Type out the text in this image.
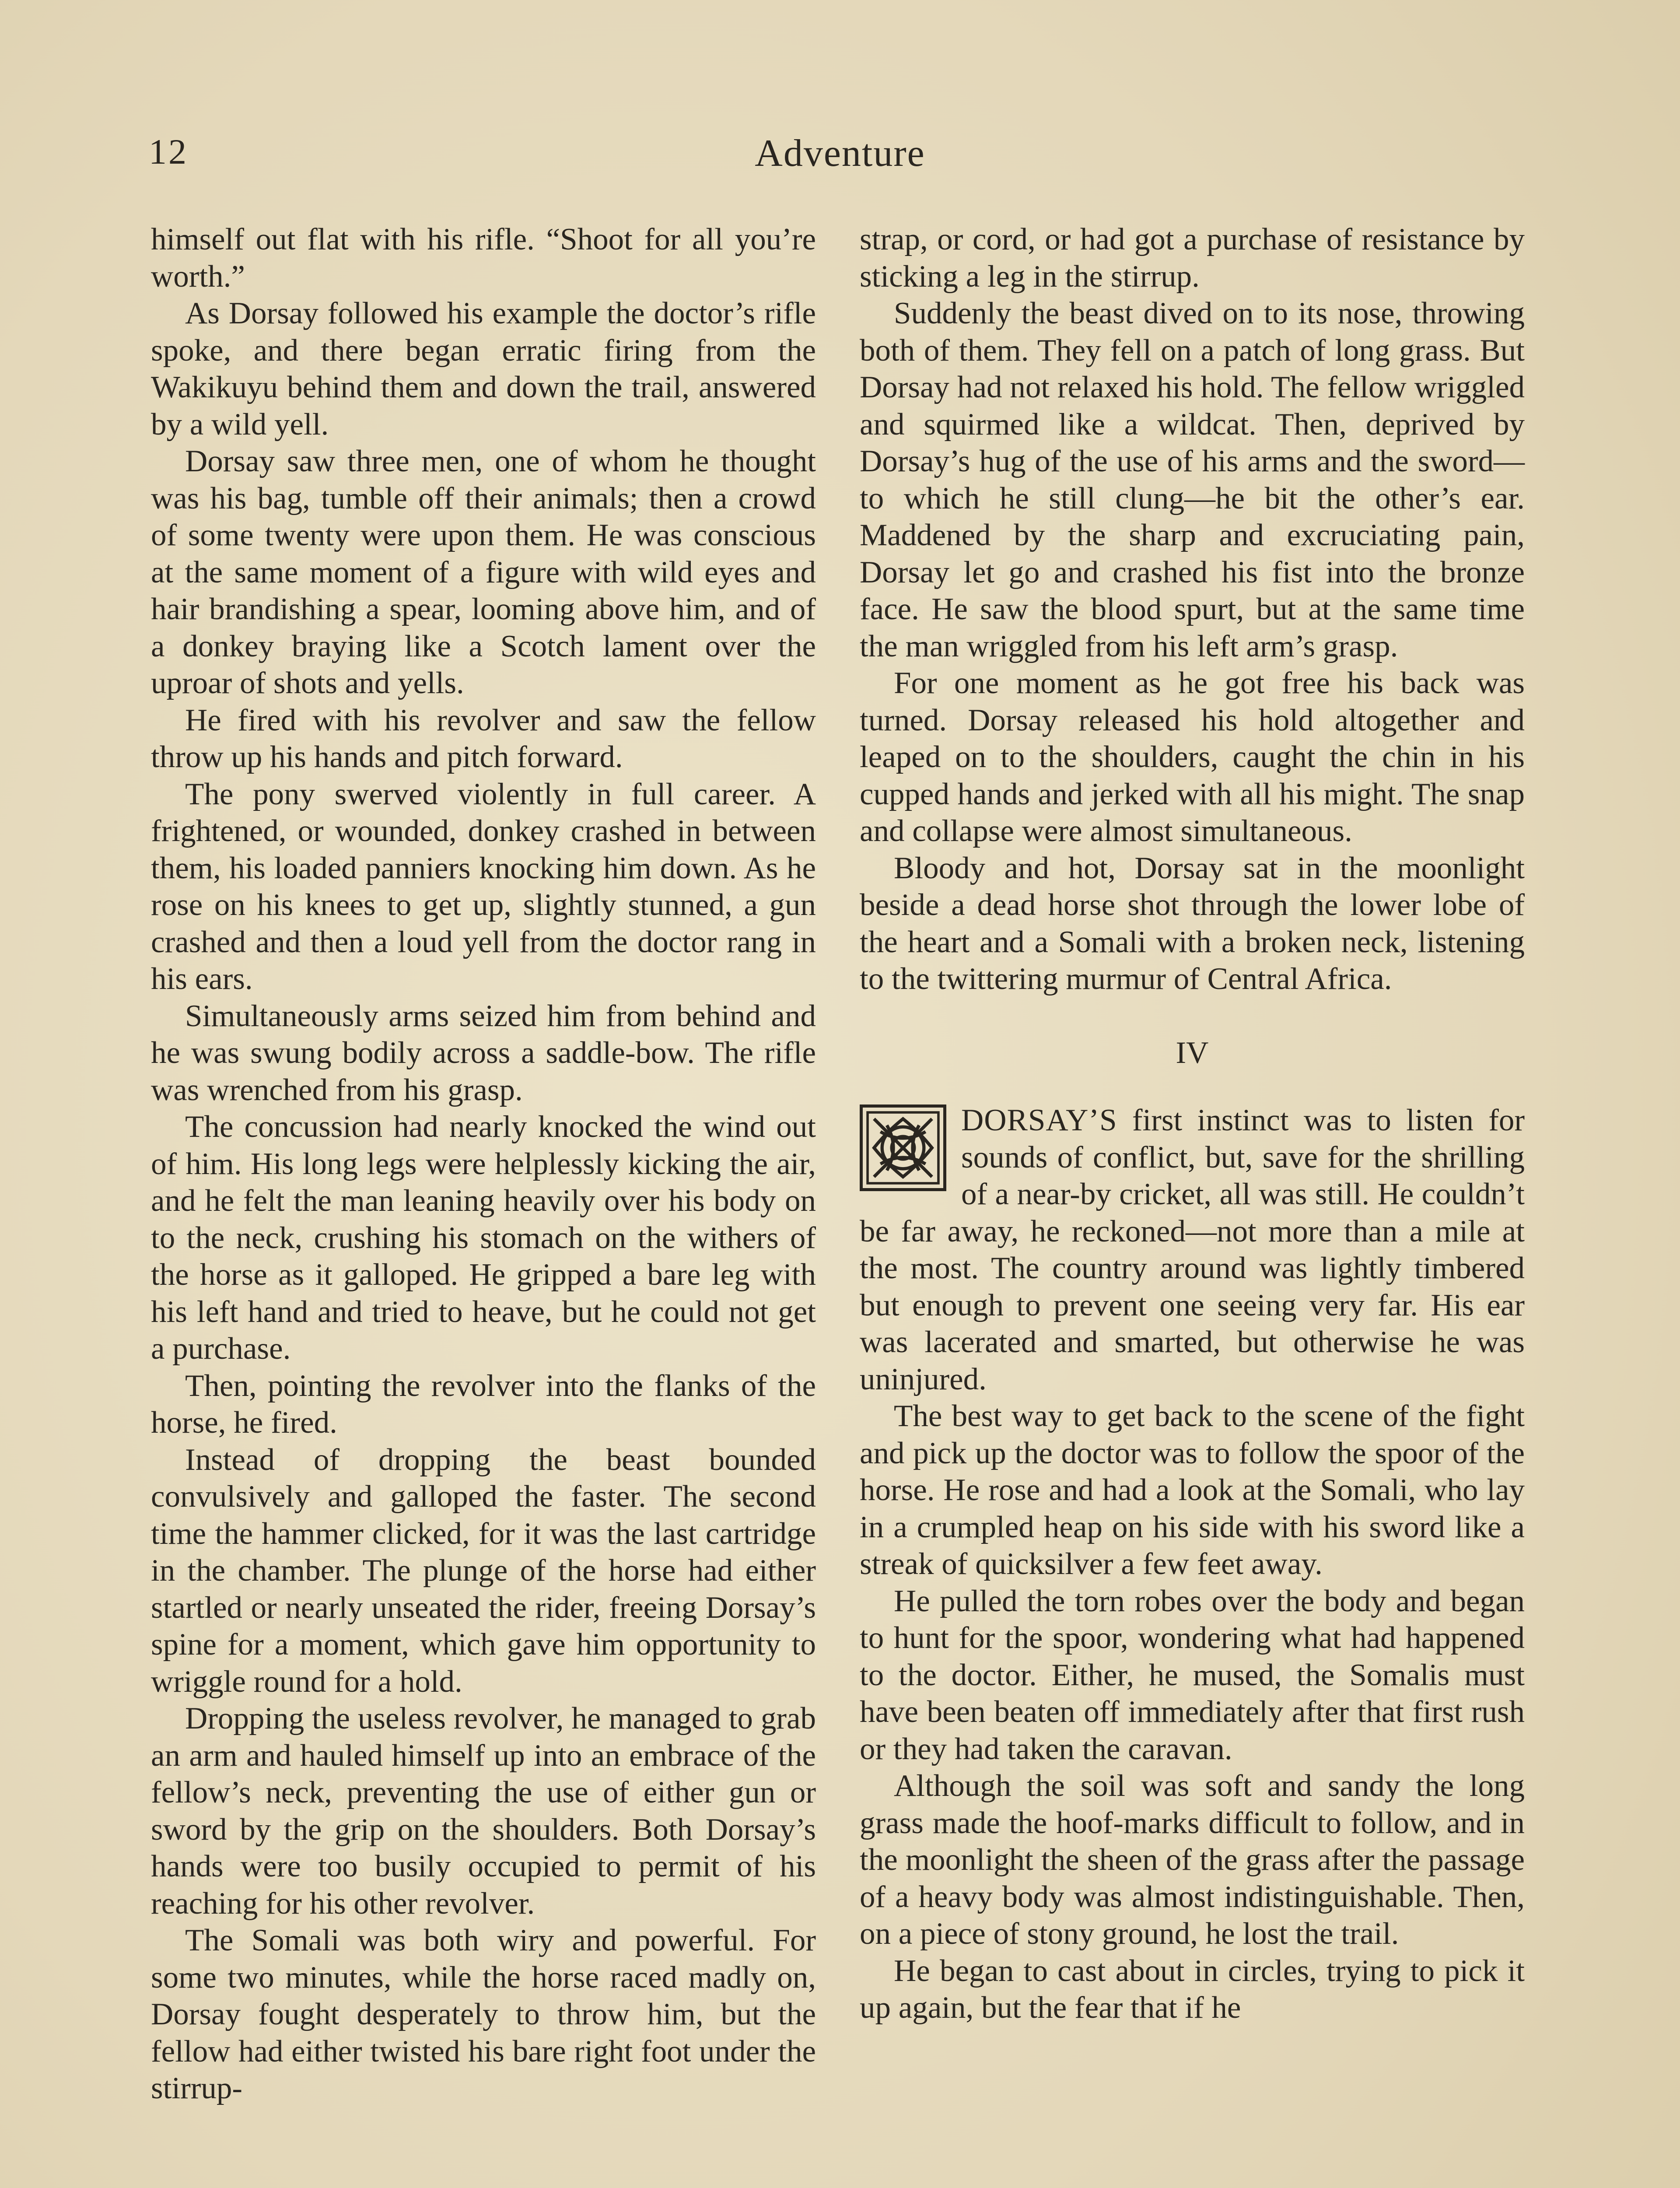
12	Adventure

himself out flat with his rifle. “Shoot for all you’re worth.”

As Dorsay followed his example the doctor’s rifle spoke, and there began erratic firing from the Wakikuyu behind them and down the trail, answered by a wild yell.

Dorsay saw three men, one of whom he thought was his bag, tumble off their animals; then a crowd of some twenty were upon them. He was conscious at the same moment of a figure with wild eyes and hair brandishing a spear, looming above him, and of a donkey braying like a Scotch lament over the uproar of shots and yells.

He fired with his revolver and saw the fellow throw up his hands and pitch forward.

The pony swerved violently in full career. A frightened, or wounded, donkey crashed in between them, his loaded panniers knocking him down. As he rose on his knees to get up, slightly stunned, a gun crashed and then a loud yell from the doctor rang in his ears.

Simultaneously arms seized him from behind and he was swung bodily across a saddle-bow. The rifle was wrenched from his grasp.

The concussion had nearly knocked the wind out of him. His long legs were helplessly kicking the air, and he felt the man leaning heavily over his body on to the neck, crushing his stomach on the withers of the horse as it galloped. He gripped a bare leg with his left hand and tried to heave, but he could not get a purchase.

Then, pointing the revolver into the flanks of the horse, he fired.

Instead of dropping the beast bounded convulsively and galloped the faster. The second time the hammer clicked, for it was the last cartridge in the chamber. The plunge of the horse had either startled or nearly unseated the rider, freeing Dorsay’s spine for a moment, which gave him opportunity to wriggle round for a hold.

Dropping the useless revolver, he managed to grab an arm and hauled himself up into an embrace of the fellow’s neck, preventing the use of either gun or sword by the grip on the shoulders. Both Dorsay’s hands were too busily occupied to permit of his reaching for his other revolver.

The Somali was both wiry and powerful. For some two minutes, while the horse raced madly on, Dorsay fought desperately to throw him, but the fellow had either twisted his bare right foot under the stirrup-

strap, or cord, or had got a purchase of resistance by sticking a leg in the stirrup.

Suddenly the beast dived on to its nose, throwing both of them. They fell on a patch of long grass. But Dorsay had not relaxed his hold. The fellow wriggled and squirmed like a wildcat. Then, deprived by Dorsay’s hug of the use of his arms and the sword—to which he still clung—he bit the other’s ear. Maddened by the sharp and excruciating pain, Dorsay let go and crashed his fist into the bronze face. He saw the blood spurt, but at the same time the man wriggled from his left arm’s grasp.

For one moment as he got free his back was turned. Dorsay released his hold altogether and leaped on to the shoulders, caught the chin in his cupped hands and jerked with all his might. The snap and collapse were almost simultaneous.

Bloody and hot, Dorsay sat in the moonlight beside a dead horse shot through the lower lobe of the heart and a Somali with a broken neck, listening to the twittering murmur of Central Africa.

IV

DORSAY’S first instinct was to listen for sounds of conflict, but, save for the shrilling of a near-by cricket, all was still. He couldn’t be far away, he reckoned—not more than a mile at the most. The country around was lightly timbered but enough to prevent one seeing very far. His ear was lacerated and smarted, but otherwise he was uninjured.

The best way to get back to the scene of the fight and pick up the doctor was to follow the spoor of the horse. He rose and had a look at the Somali, who lay in a crumpled heap on his side with his sword like a streak of quicksilver a few feet away.

He pulled the torn robes over the body and began to hunt for the spoor, wondering what had happened to the doctor. Either, he mused, the Somalis must have been beaten off immediately after that first rush or they had taken the caravan.

Although the soil was soft and sandy the long grass made the hoof-marks difficult to follow, and in the moonlight the sheen of the grass after the passage of a heavy body was almost indistinguishable. Then, on a piece of stony ground, he lost the trail.

He began to cast about in circles, trying to pick it up again, but the fear that if he
